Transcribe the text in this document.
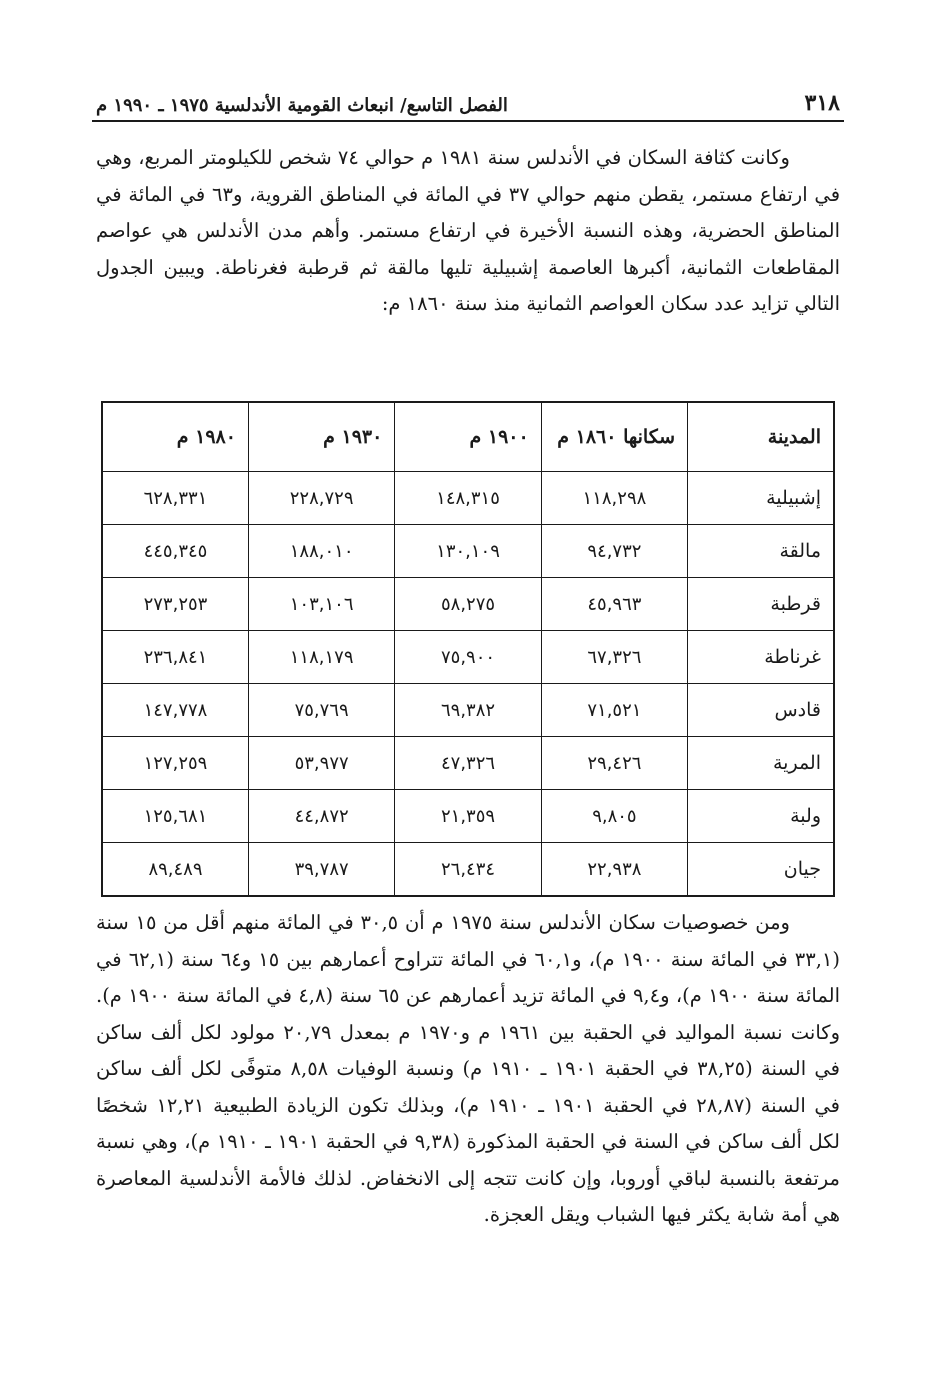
٣١٨
الفصل التاسع/ انبعاث القومية الأندلسية ١٩٧٥ ـ ١٩٩٠ م

وكانت كثافة السكان في الأندلس سنة ١٩٨١ م حوالي ٧٤ شخص للكيلومتر المربع، وهي في ارتفاع مستمر، يقطن منهم حوالي ٣٧ في المائة في المناطق القروية، و٦٣ في المائة في المناطق الحضرية، وهذه النسبة الأخيرة في ارتفاع مستمر. وأهم مدن الأندلس هي عواصم المقاطعات الثمانية، أكبرها العاصمة إشبيلية تليها مالقة ثم قرطبة فغرناطة. ويبين الجدول التالي تزايد عدد سكان العواصم الثمانية منذ سنة ١٨٦٠ م:

المدينة	سكانها ١٨٦٠ م	١٩٠٠ م	١٩٣٠ م	١٩٨٠ م
إشبيلية	١١٨,٢٩٨	١٤٨,٣١٥	٢٢٨,٧٢٩	٦٢٨,٣٣١
مالقة	٩٤,٧٣٢	١٣٠,١٠٩	١٨٨,٠١٠	٤٤٥,٣٤٥
قرطبة	٤٥,٩٦٣	٥٨,٢٧٥	١٠٣,١٠٦	٢٧٣,٢٥٣
غرناطة	٦٧,٣٢٦	٧٥,٩٠٠	١١٨,١٧٩	٢٣٦,٨٤١
قادس	٧١,٥٢١	٦٩,٣٨٢	٧٥,٧٦٩	١٤٧,٧٧٨
المرية	٢٩,٤٢٦	٤٧,٣٢٦	٥٣,٩٧٧	١٢٧,٢٥٩
ولبة	٩,٨٠٥	٢١,٣٥٩	٤٤,٨٧٢	١٢٥,٦٨١
جيان	٢٢,٩٣٨	٢٦,٤٣٤	٣٩,٧٨٧	٨٩,٤٨٩

ومن خصوصيات سكان الأندلس سنة ١٩٧٥ م أن ٣٠,٥ في المائة منهم أقل من ١٥ سنة (٣٣,١ في المائة سنة ١٩٠٠ م)، و٦٠,١ في المائة تتراوح أعمارهم بين ١٥ و٦٤ سنة (٦٢,١ في المائة سنة ١٩٠٠ م)، و٩,٤ في المائة تزيد أعمارهم عن ٦٥ سنة (٤,٨ في المائة سنة ١٩٠٠ م). وكانت نسبة المواليد في الحقبة بين ١٩٦١ م و١٩٧٠ م بمعدل ٢٠,٧٩ مولود لكل ألف ساكن في السنة (٣٨,٢٥ في الحقبة ١٩٠١ ـ ١٩١٠ م) ونسبة الوفيات ٨,٥٨ متوفًى لكل ألف ساكن في السنة (٢٨,٨٧ في الحقبة ١٩٠١ ـ ١٩١٠ م)، وبذلك تكون الزيادة الطبيعية ١٢,٢١ شخصًا لكل ألف ساكن في السنة في الحقبة المذكورة (٩,٣٨ في الحقبة ١٩٠١ ـ ١٩١٠ م)، وهي نسبة مرتفعة بالنسبة لباقي أوروبا، وإن كانت تتجه إلى الانخفاض. لذلك فالأمة الأندلسية المعاصرة هي أمة شابة يكثر فيها الشباب ويقل العجزة.
